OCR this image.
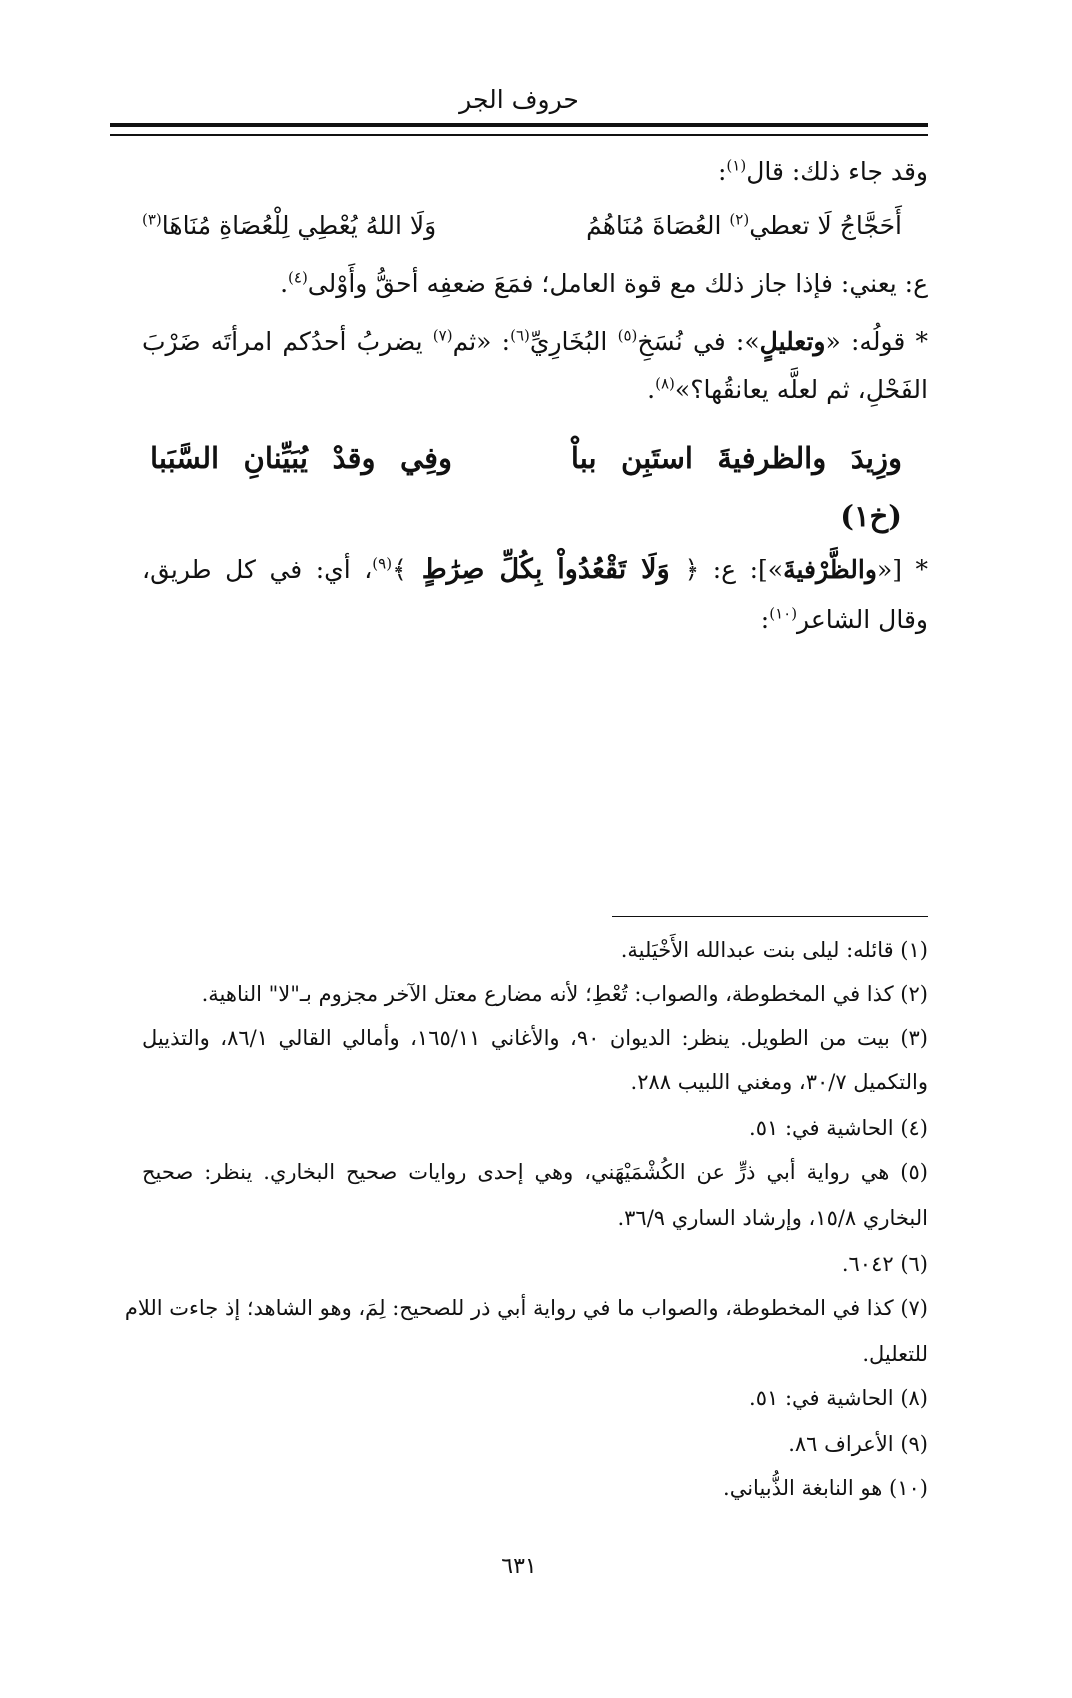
حروف الجر
وقد جاء ذلك: قال$^{(١)}$:
أَحَجَّاجُ لَا تعطي$^{(٢)}$ العُصَاةَ مُنَاهُمُ
وَلَا اللهُ يُعْطِي لِلْعُصَاةِ مُنَاهَا$^{(٣)}$
ع: يعني: فإذا جاز ذلك مع قوة العامل؛ فمَعَ ضعفِه أحقُّ وأَوْلى$^{(٤)}$.
* قولُه: «وتعليلٍ»: في نُسَخِ$^{(٥)}$ البُخَارِيِّ$^{(٦)}$: «ثم$^{(٧)}$ يضربُ أحدُكم امرأتَه ضَرْبَ
الفَحْلِ، ثم لعلَّه يعانقُها؟»$^{(٨)}$.
وزِيدَ
والظرفيةَ
استَبِن
بباْ
وفِي
وقدْ
يُبَيِّنانِ
السَّبَبا
(خ١)
* [«والظَّرْفيةَ»]: ع: ﴿ وَلَا تَقْعُدُواْ بِكُلِّ صِرَٰطٍ ﴾$^{(٩)}$، أي: في كل طريق،
وقال الشاعر$^{(١٠)}$:
(١) قائله: ليلى بنت عبدالله الأَخْيَلية.
(٢) كذا في المخطوطة، والصواب: تُعْطِ؛ لأنه مضارع معتل الآخر مجزوم بـ"لا" الناهية.
(٣) بيت من الطويل. ينظر: الديوان ٩٠، والأغاني ١٦٥/١١، وأمالي القالي ٨٦/١، والتذييل
والتكميل ٣٠/٧، ومغني اللبيب ٢٨٨.
(٤) الحاشية في: ٥١.
(٥) هي رواية أبي ذرٍّ عن الكُشْمَيْهَني، وهي إحدى روايات صحيح البخاري. ينظر: صحيح
البخاري ١٥/٨، وإرشاد الساري ٣٦/٩.
(٦) ٦٠٤٢.
(٧) كذا في المخطوطة، والصواب ما في رواية أبي ذر للصحيح: لِمَ، وهو الشاهد؛ إذ جاءت اللام
للتعليل.
(٨) الحاشية في: ٥١.
(٩) الأعراف ٨٦.
(١٠) هو النابغة الذُّبياني.
٦٣١
